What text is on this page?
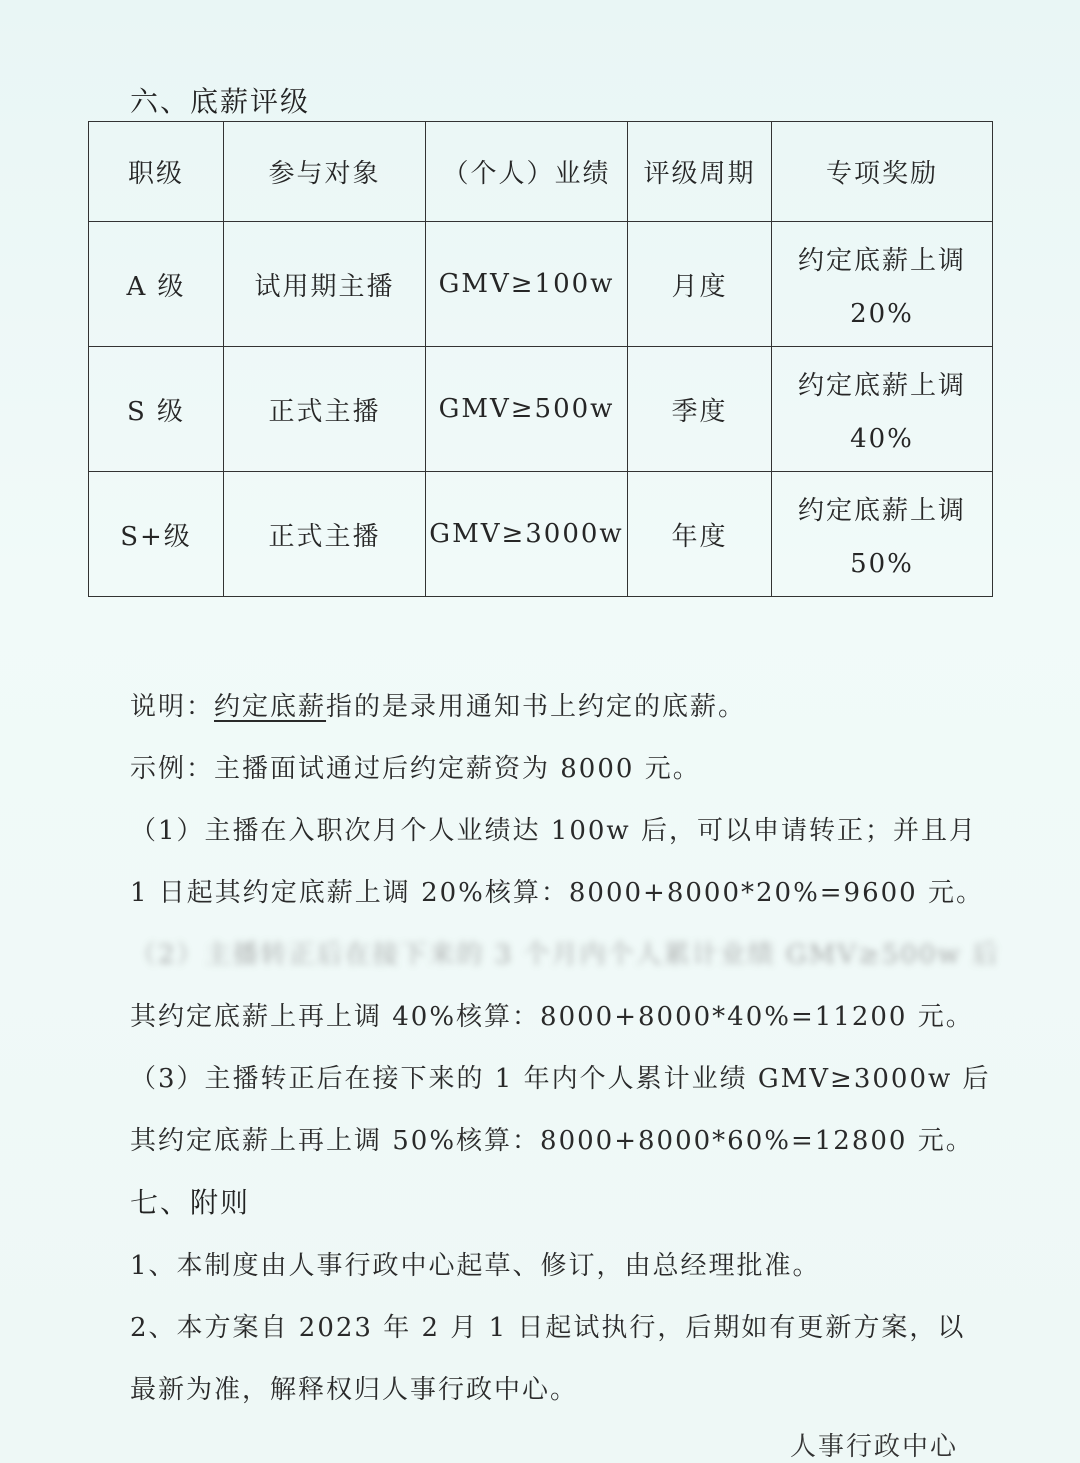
六、底薪评级
职级	参与对象	（个人）业绩	评级周期	专项奖励
A 级	试用期主播	GMV≥100w	月度	约定底薪上调
20%

S 级	正式主播	GMV≥500w	季度	约定底薪上调
40%

S+级	正式主播	GMV≥3000w	年度	约定底薪上调
50%
说明：约定底薪指的是录用通知书上约定的底薪。
示例：主播面试通过后约定薪资为 8000 元。
（1）主播在入职次月个人业绩达 100w 后，可以申请转正；并且月
1 日起其约定底薪上调 20%核算：8000+8000*20%=9600 元。
（2）主播转正后在接下来的 3 个月内个人累计业绩 GMV≥500w 后
其约定底薪上再上调 40%核算：8000+8000*40%=11200 元。
（3）主播转正后在接下来的 1 年内个人累计业绩 GMV≥3000w 后
其约定底薪上再上调 50%核算：8000+8000*60%=12800 元。
七、附则
1、本制度由人事行政中心起草、修订，由总经理批准。
2、本方案自 2023 年 2 月 1 日起试执行，后期如有更新方案，以
最新为准，解释权归人事行政中心。
人事行政中心
